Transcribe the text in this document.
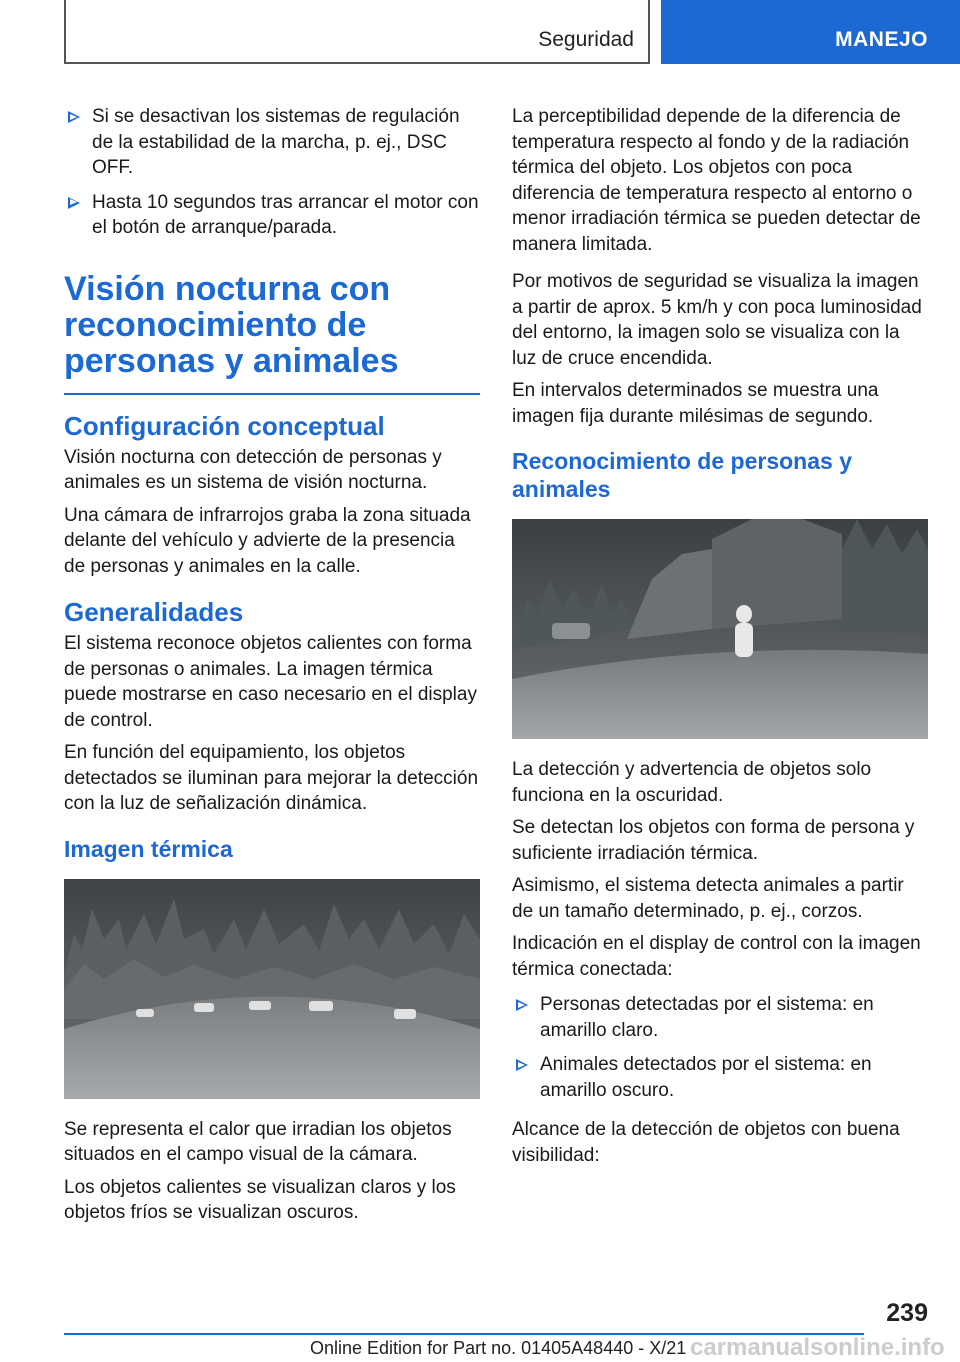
Seguridad	MANEJO
Si se desactivan los sistemas de regulación de la estabilidad de la marcha, p. ej., DSC OFF.
Hasta 10 segundos tras arrancar el motor con el botón de arranque/parada.
Visión nocturna con reconocimiento de personas y animales
Configuración conceptual

Visión nocturna con detección de personas y animales es un sistema de visión nocturna.

Una cámara de infrarrojos graba la zona situada delante del vehículo y advierte de la presencia de personas y animales en la calle.

Generalidades

El sistema reconoce objetos calientes con forma de personas o animales. La imagen térmica puede mostrarse en caso necesario en el display de control.

En función del equipamiento, los objetos detectados se iluminan para mejorar la detección con la luz de señalización dinámica.

Imagen térmica

Se representa el calor que irradian los objetos situados en el campo visual de la cámara.

Los objetos calientes se visualizan claros y los objetos fríos se visualizan oscuros.

La perceptibilidad depende de la diferencia de temperatura respecto al fondo y de la radiación térmica del objeto. Los objetos con poca diferencia de temperatura respecto al entorno o menor irradiación térmica se pueden detectar de manera limitada.

Por motivos de seguridad se visualiza la imagen a partir de aprox. 5 km/h y con poca luminosidad del entorno, la imagen solo se visualiza con la luz de cruce encendida.

En intervalos determinados se muestra una imagen fija durante milésimas de segundo.

Reconocimiento de personas y animales

La detección y advertencia de objetos solo funciona en la oscuridad.

Se detectan los objetos con forma de persona y suficiente irradiación térmica.

Asimismo, el sistema detecta animales a partir de un tamaño determinado, p. ej., corzos.

Indicación en el display de control con la imagen térmica conectada:

Personas detectadas por el sistema: en amarillo claro.
Animales detectados por el sistema: en amarillo oscuro.

Alcance de la detección de objetos con buena visibilidad:

239
Online Edition for Part no. 01405A48440 - X/21 carmanualsonline.info
